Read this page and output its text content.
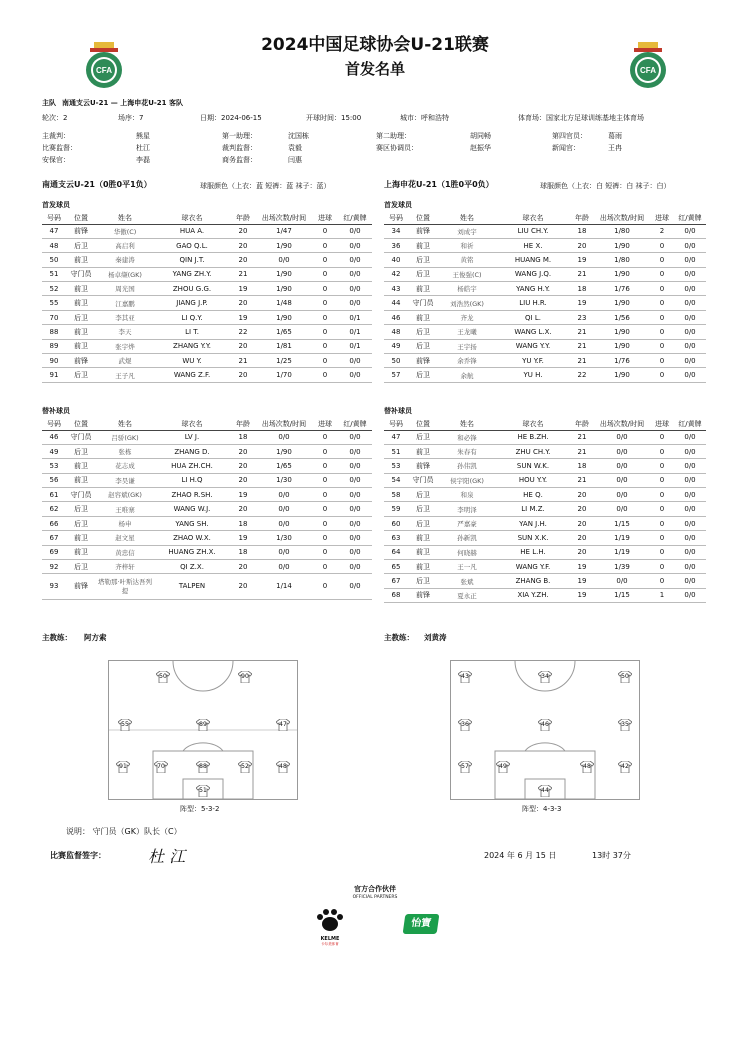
CFA	CFA
2024中国足球协会U-21联赛
首发名单
主队 南通支云U-21 — 上海申花U-21 客队
轮次：2	场序：7	日期：2024-06-15	开球时间：15:00	城市：呼和浩特	体育场：国家北方足球训练基地主体育场
主裁判：	熊星	第一助理：	沈国栋	第二助理：	胡同畅	第四官员：	葛雨
比赛监督：	杜江	裁判监督：	袁毅	赛区协调员：	赵振华	新闻官：	王冉
安保官：	李磊	商务监督：	闫惠
南通支云U-21（0胜0平1负）	球服颜色（上衣：蓝 短裤：蓝 袜子：蓝）	上海申花U-21（1胜0平0负）	球服颜色（上衣：白 短裤：白 袜子：白）
首发球员	首发球员
号码	位置	姓名	球衣名	年龄	出场次数/时间	进球	红/黄牌
47	前锋	华傲(C)	HUA A.	20	1/47	0	0/0
48	后卫	高启利	GAO Q.L.	20	1/90	0	0/0
50	前卫	秦建涛	QIN J.T.	20	0/0	0	0/0
51	守门员	杨卓缬(GK)	YANG ZH.Y.	21	1/90	0	0/0
52	前卫	周光国	ZHOU G.G.	19	1/90	0	0/0
55	前卫	江嘉鹏	JIANG J.P.	20	1/48	0	0/0
70	后卫	李其亚	LI Q.Y.	19	1/90	0	0/1
88	前卫	李天	LI T.	22	1/65	0	0/1
89	前卫	张宇烨	ZHANG Y.Y.	20	1/81	0	0/1
90	前锋	武煜	WU Y.	21	1/25	0	0/0
91	后卫	王子凡	WANG Z.F.	20	1/70	0	0/0
号码	位置	姓名	球衣名	年龄	出场次数/时间	进球	红/黄牌
34	前锋	刘成宇	LIU CH.Y.	18	1/80	2	0/0
36	前卫	和祈	HE X.	20	1/90	0	0/0
40	后卫	黄铭	HUANG M.	19	1/80	0	0/0
42	后卫	王俊强(C)	WANG J.Q.	21	1/90	0	0/0
43	前卫	杨皓宇	YANG H.Y.	18	1/76	0	0/0
44	守门员	刘浩然(GK)	LIU H.R.	19	1/90	0	0/0
46	前卫	齐龙	QI L.	23	1/56	0	0/0
48	后卫	王龙曦	WANG L.X.	21	1/90	0	0/0
49	后卫	王宇扬	WANG Y.Y.	21	1/90	0	0/0
50	前锋	余乔锋	YU Y.F.	21	1/76	0	0/0
57	后卫	余航	YU H.	22	1/90	0	0/0
替补球员	替补球员
号码	位置	姓名	球衣名	年龄	出场次数/时间	进球	红/黄牌
46	守门员	吕骄(GK)	LV J.	18	0/0	0	0/0
49	后卫	张栋	ZHANG D.	20	1/90	0	0/0
53	前卫	花志成	HUA ZH.CH.	20	1/65	0	0/0
56	前卫	李昊谦	LI H.Q	20	1/30	0	0/0
61	守门员	赵容斌(GK)	ZHAO R.SH.	19	0/0	0	0/0
62	后卫	王唯寨	WANG W.J.	20	0/0	0	0/0
66	后卫	杨申	YANG SH.	18	0/0	0	0/0
67	前卫	赵文星	ZHAO W.X.	19	1/30	0	0/0
69	前卫	黄忠信	HUANG ZH.X.	18	0/0	0	0/0
92	后卫	齐梓轩	QI Z.X.	20	0/0	0	0/0
93	前锋	塔勒那·叶斯达吾列提	TALPEN	20	1/14	0	0/0
号码	位置	姓名	球衣名	年龄	出场次数/时间	进球	红/黄牌
47	后卫	和必锋	HE B.ZH.	21	0/0	0	0/0
51	前卫	朱春有	ZHU CH.Y.	21	0/0	0	0/0
53	前锋	孙伟凯	SUN W.K.	18	0/0	0	0/0
54	守门员	侯宇阳(GK)	HOU Y.Y.	21	0/0	0	0/0
58	后卫	和泉	HE Q.	20	0/0	0	0/0
59	后卫	李明泽	LI M.Z.	20	0/0	0	0/0
60	后卫	严嘉豪	YAN J.H.	20	1/15	0	0/0
63	前卫	孙新凯	SUN X.K.	20	1/19	0	0/0
64	前卫	何晓赫	HE L.H.	20	1/19	0	0/0
65	前卫	王一凡	WANG Y.F.	19	1/39	0	0/0
67	后卫	张斌	ZHANG B.	19	0/0	0	0/0
68	前锋	夏永正	XIA Y.ZH.	19	1/15	1	0/0
主教练： 阿方索	主教练： 刘黄涛
50	90
55	89	47
91	70	88	52	48
51
阵型：5-3-2
43	34	50
36	46	35
57	49	48	42
44
阵型：4-3-3
说明： 守门员（GK）队长（C）
比赛监督签字：	杜 江	2024 年 6 月 15 日	13时 37分
官方合作伙伴
OFFICIAL PARTNERS
KELME
卡尔美体育
怡寶
